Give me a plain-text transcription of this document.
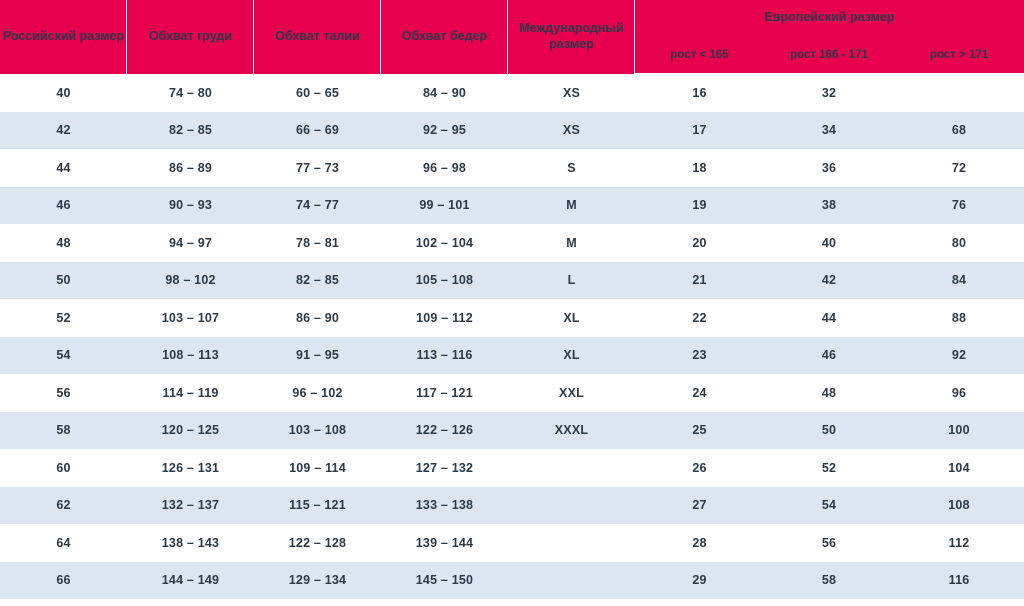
Российский размер	Обхват груди	Обхват талии	Обхват бедер	Международный размер	Европейский размер		
					рост < 165	рост 166 - 171	рост > 171
40	74 – 80	60 – 65	84 – 90	XS	16	32	
42	82 – 85	66 – 69	92 – 95	XS	17	34	68
44	86 – 89	77 – 73	96 – 98	S	18	36	72
46	90 – 93	74 – 77	99 – 101	M	19	38	76
48	94 – 97	78 – 81	102 – 104	M	20	40	80
50	98 – 102	82 – 85	105 – 108	L	21	42	84
52	103 – 107	86 – 90	109 – 112	XL	22	44	88
54	108 – 113	91 – 95	113 – 116	XL	23	46	92
56	114 – 119	96 – 102	117 – 121	XXL	24	48	96
58	120 – 125	103 – 108	122 – 126	XXXL	25	50	100
60	126 – 131	109 – 114	127 – 132		26	52	104
62	132 – 137	115 – 121	133 – 138		27	54	108
64	138 – 143	122 – 128	139 – 144		28	56	112
66	144 – 149	129 – 134	145 – 150		29	58	116
